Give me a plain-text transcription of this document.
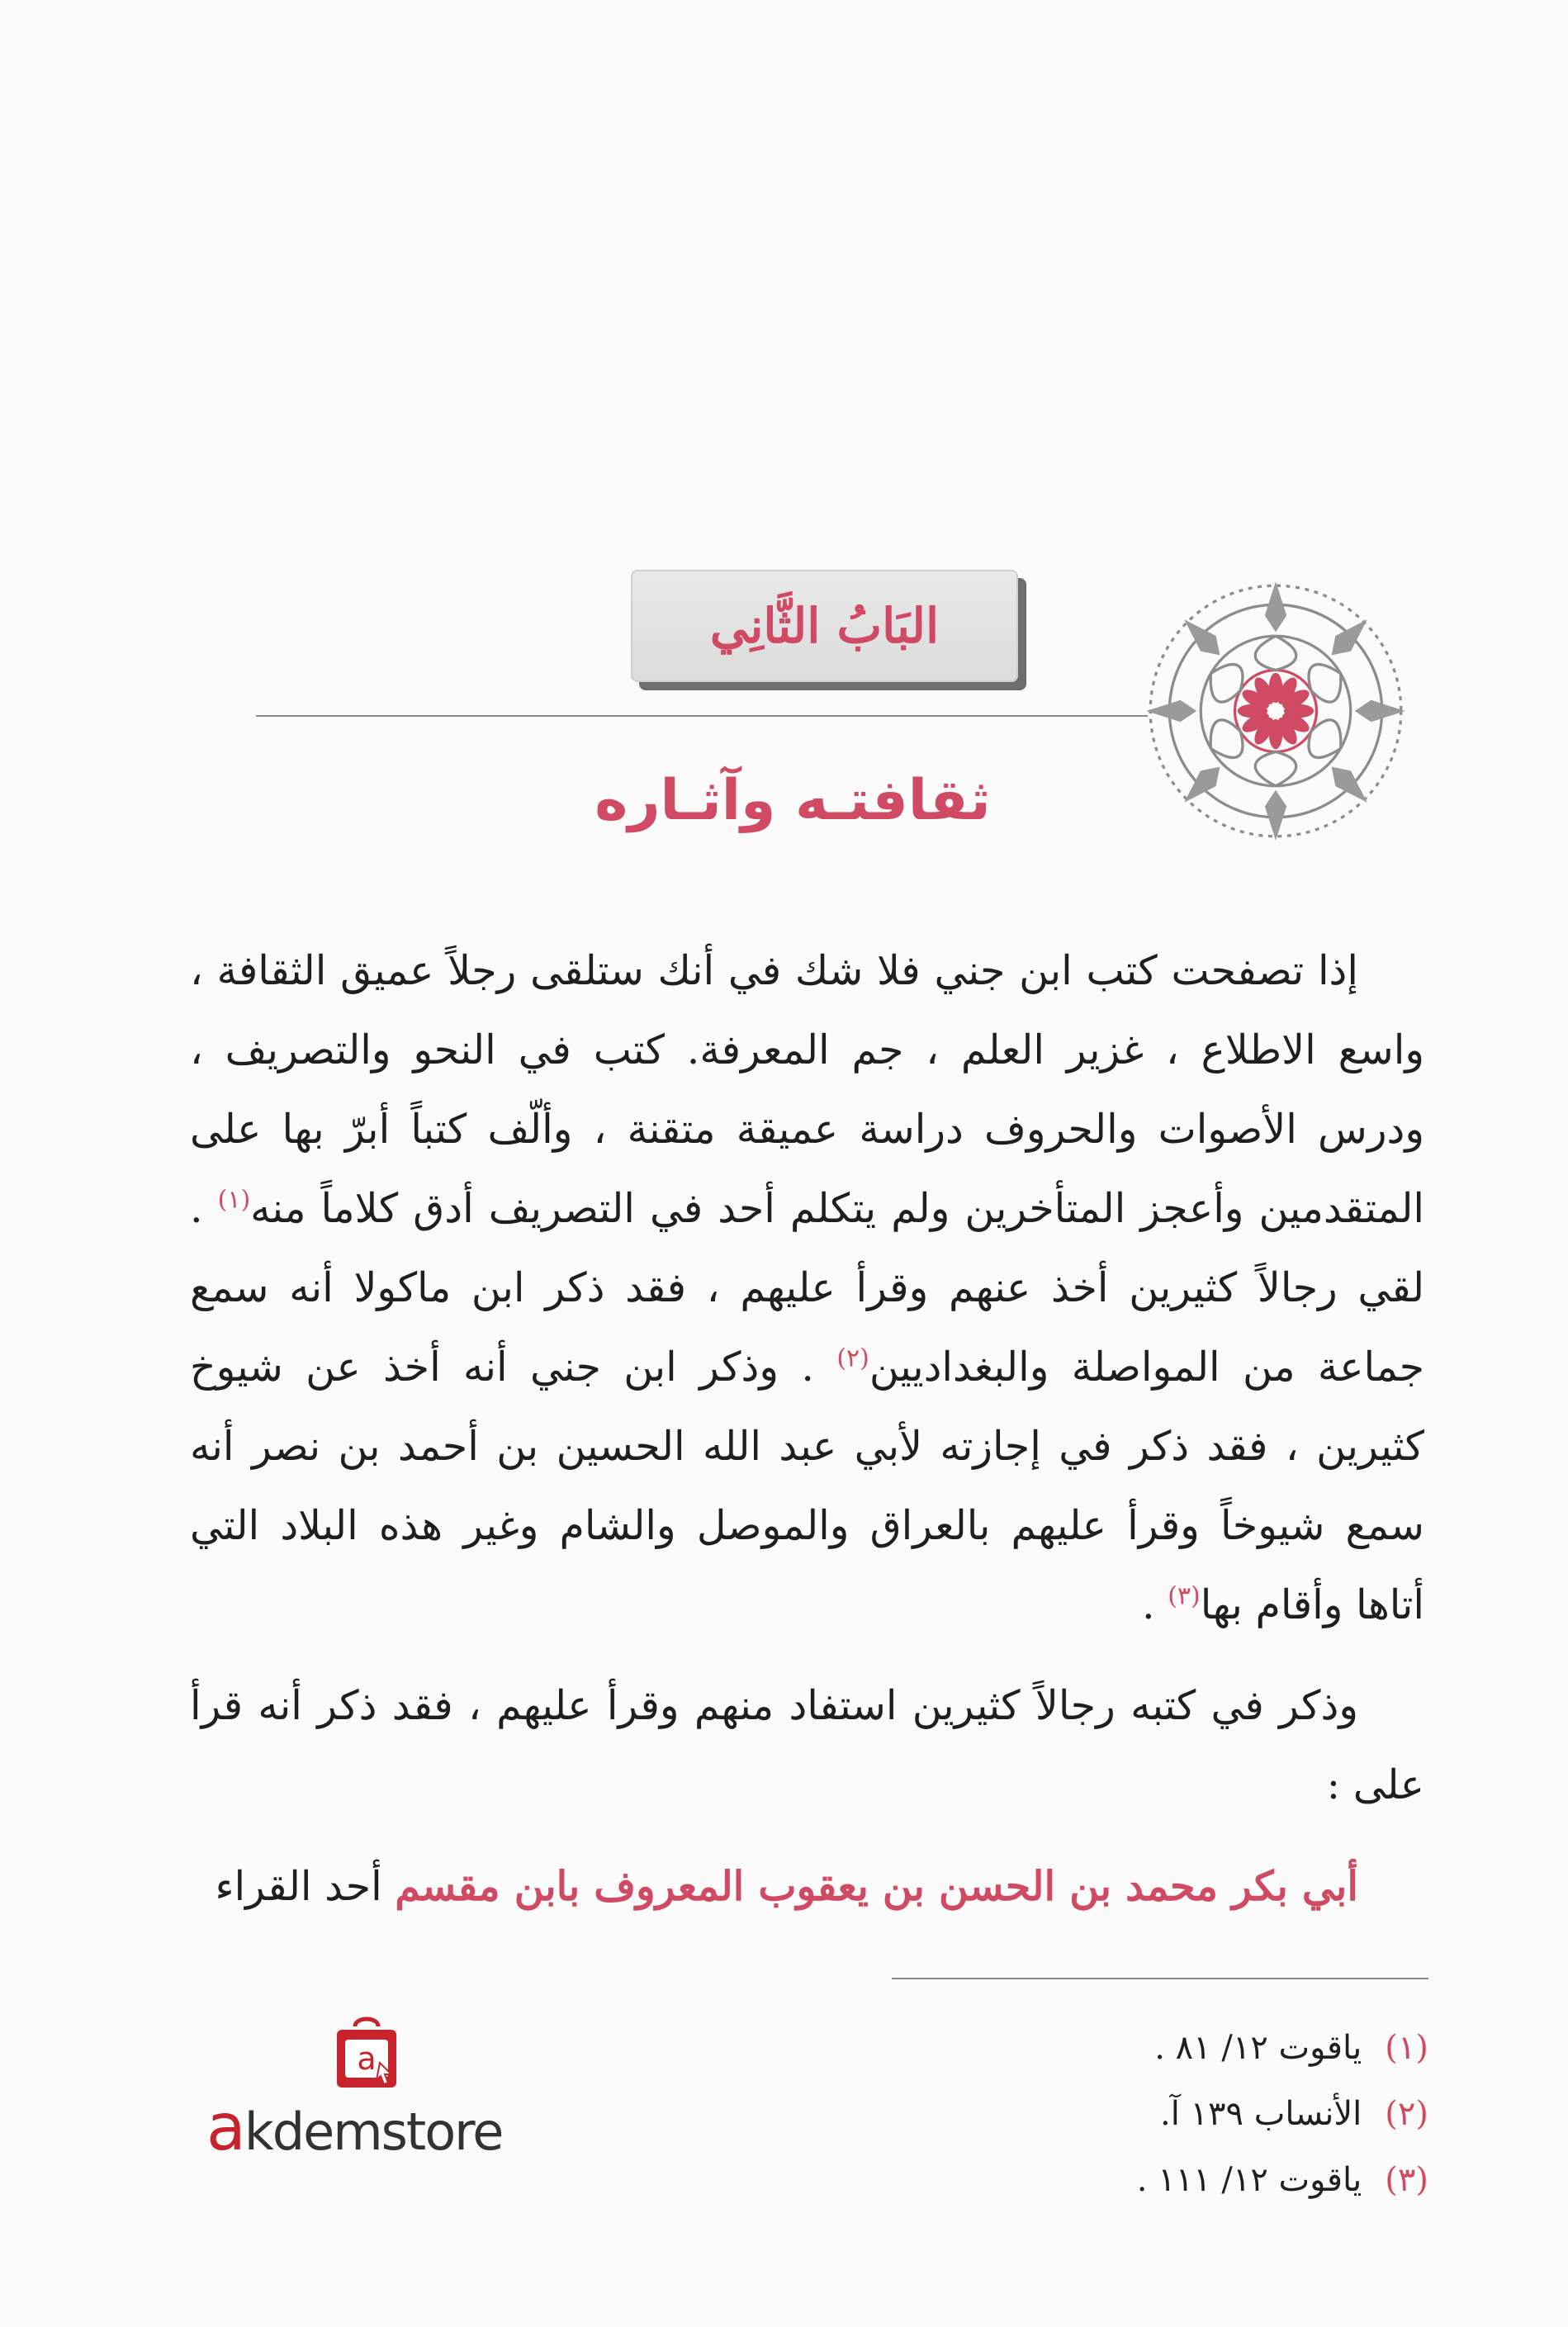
البَابُ الثَّانِي
ثقافتـه وآثـاره

إذا تصفحت كتب ابن جني فلا شك في أنك ستلقى رجلاً عميق الثقافة ، واسع الاطلاع ، غزير العلم ، جم المعرفة. كتب في النحو والتصريف ، ودرس الأصوات والحروف دراسة عميقة متقنة ، وألّف كتباً أبرّ بها على المتقدمين وأعجز المتأخرين ولم يتكلم أحد في التصريف أدق كلاماً منه$^{(١)}$ . لقي رجالاً كثيرين أخذ عنهم وقرأ عليهم ، فقد ذكر ابن ماكولا أنه سمع جماعة من المواصلة والبغداديين$^{(٢)}$ . وذكر ابن جني أنه أخذ عن شيوخ كثيرين ، فقد ذكر في إجازته لأبي عبد الله الحسين بن أحمد بن نصر أنه سمع شيوخاً وقرأ عليهم بالعراق والموصل والشام وغير هذه البلاد التي أتاها وأقام بها$^{(٣)}$ .

وذكر في كتبه رجالاً كثيرين استفاد منهم وقرأ عليهم ، فقد ذكر أنه قرأ على :

أبي بكر محمد بن الحسن بن يعقوب المعروف بابن مقسم أحد القراء

(١)
ياقوت ١٢/ ٨١ .
(٢)
الأنساب ١٣٩ آ.
(٣)
ياقوت ١٢/ ١١١ .
a
akdemstore
